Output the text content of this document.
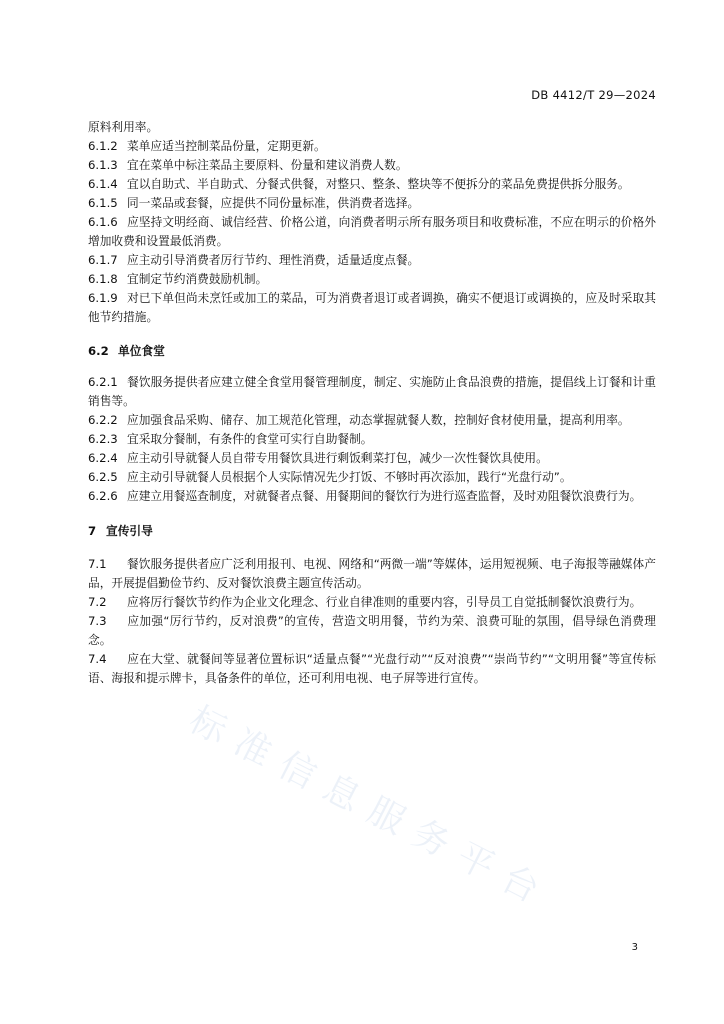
DB 4412/T 29—2024

原料利用率。

6.1.2 菜单应适当控制菜品份量，定期更新。

6.1.3 宜在菜单中标注菜品主要原料、份量和建议消费人数。

6.1.4 宜以自助式、半自助式、分餐式供餐，对整只、整条、整块等不便拆分的菜品免费提供拆分服务。

6.1.5 同一菜品或套餐，应提供不同份量标准，供消费者选择。

6.1.6 应坚持文明经商、诚信经营、价格公道，向消费者明示所有服务项目和收费标准，不应在明示的价格外增加收费和设置最低消费。

6.1.7 应主动引导消费者厉行节约、理性消费，适量适度点餐。

6.1.8 宜制定节约消费鼓励机制。

6.1.9 对已下单但尚未烹饪或加工的菜品，可为消费者退订或者调换，确实不便退订或调换的，应及时采取其他节约措施。

6.2 单位食堂

6.2.1 餐饮服务提供者应建立健全食堂用餐管理制度，制定、实施防止食品浪费的措施，提倡线上订餐和计重销售等。

6.2.2 应加强食品采购、储存、加工规范化管理，动态掌握就餐人数，控制好食材使用量，提高利用率。

6.2.3 宜采取分餐制，有条件的食堂可实行自助餐制。

6.2.4 应主动引导就餐人员自带专用餐饮具进行剩饭剩菜打包，减少一次性餐饮具使用。

6.2.5 应主动引导就餐人员根据个人实际情况先少打饭、不够时再次添加，践行“光盘行动”。

6.2.6 应建立用餐巡查制度，对就餐者点餐、用餐期间的餐饮行为进行巡查监督，及时劝阻餐饮浪费行为。

7 宣传引导

7.1 餐饮服务提供者应广泛利用报刊、电视、网络和“两微一端”等媒体，运用短视频、电子海报等融媒体产品，开展提倡勤俭节约、反对餐饮浪费主题宣传活动。

7.2 应将厉行餐饮节约作为企业文化理念、行业自律准则的重要内容，引导员工自觉抵制餐饮浪费行为。

7.3 应加强“厉行节约，反对浪费”的宣传，营造文明用餐，节约为荣、浪费可耻的氛围，倡导绿色消费理念。

7.4 应在大堂、就餐间等显著位置标识“适量点餐”“光盘行动”“反对浪费”“崇尚节约”“文明用餐”等宣传标语、海报和提示牌卡，具备条件的单位，还可利用电视、电子屏等进行宣传。

标准信息服务平台
3
